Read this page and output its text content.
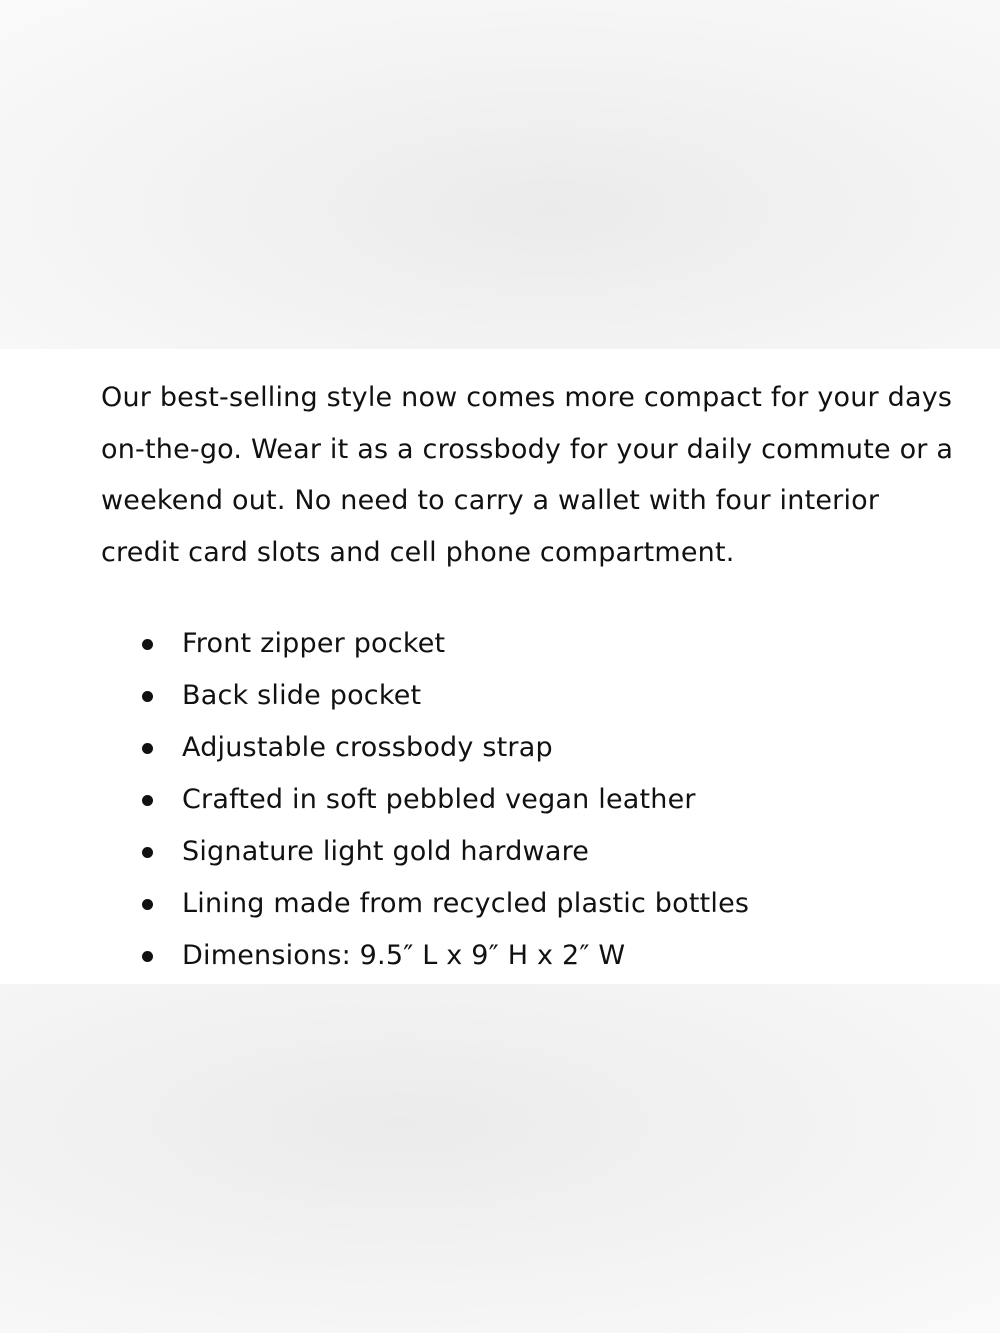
Our best-selling style now comes more compact for your days on-the-go. Wear it as a crossbody for your daily commute or a weekend out. No need to carry a wallet with four interior credit card slots and cell phone compartment.

Front zipper pocket
Back slide pocket
Adjustable crossbody strap
Crafted in soft pebbled vegan leather
Signature light gold hardware
Lining made from recycled plastic bottles
Dimensions: 9.5″ L x 9″ H x 2″ W
